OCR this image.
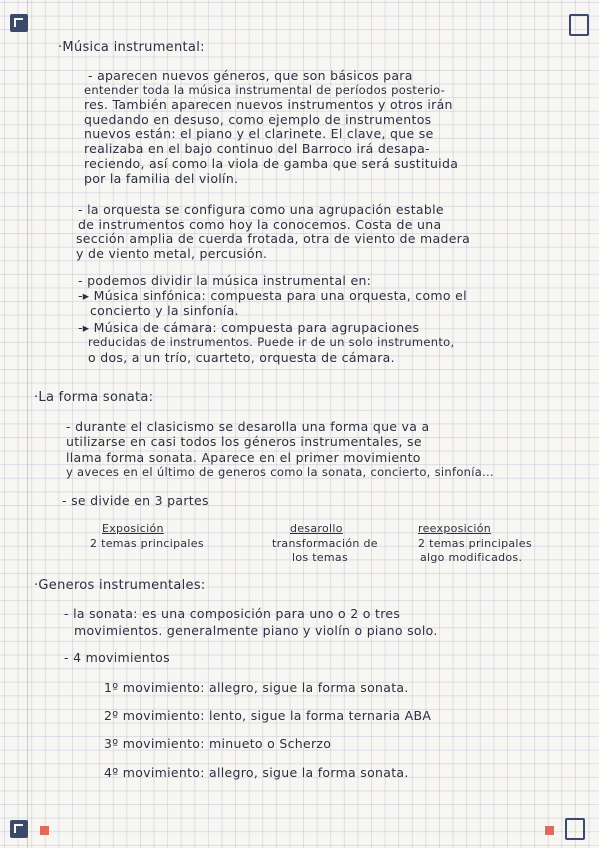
·Música instrumental:

- aparecen nuevos géneros, que son básicos para

entender toda la música instrumental de períodos posterio-

res. También aparecen nuevos instrumentos y otros irán

quedando en desuso, como ejemplo de instrumentos

nuevos están: el piano y el clarinete. El clave, que se

realizaba en el bajo continuo del Barroco irá desapa-

reciendo, así como la viola de gamba que será sustituida

por la familia del violín.

- la orquesta se configura como una agrupación estable

de instrumentos como hoy la conocemos. Costa de una

sección amplia de cuerda frotada, otra de viento de madera

y de viento metal, percusión.

- podemos dividir la música instrumental en:

-▸ Música sinfónica: compuesta para una orquesta, como el

concierto y la sinfonía.

-▸ Música de cámara: compuesta para agrupaciones

reducidas de instrumentos. Puede ir de un solo instrumento,

o dos, a un trío, cuarteto, orquesta de cámara.

·La forma sonata:

- durante el clasicismo se desarolla una forma que va a

utilizarse en casi todos los géneros instrumentales, se

llama forma sonata. Aparece en el primer movimiento

y aveces en el último de generos como la sonata, concierto, sinfonía...

- se divide en 3 partes

Exposición

2 temas principales

desarollo

transformación de

los temas

reexposición

2 temas principales

algo modificados.

·Generos instrumentales:

- la sonata: es una composición para uno o 2 o tres

movimientos. generalmente piano y violín o piano solo.

- 4 movimientos

1º movimiento: allegro, sigue la forma sonata.

2º movimiento: lento, sigue la forma ternaria ABA

3º movimiento: minueto o Scherzo

4º movimiento: allegro, sigue la forma sonata.
